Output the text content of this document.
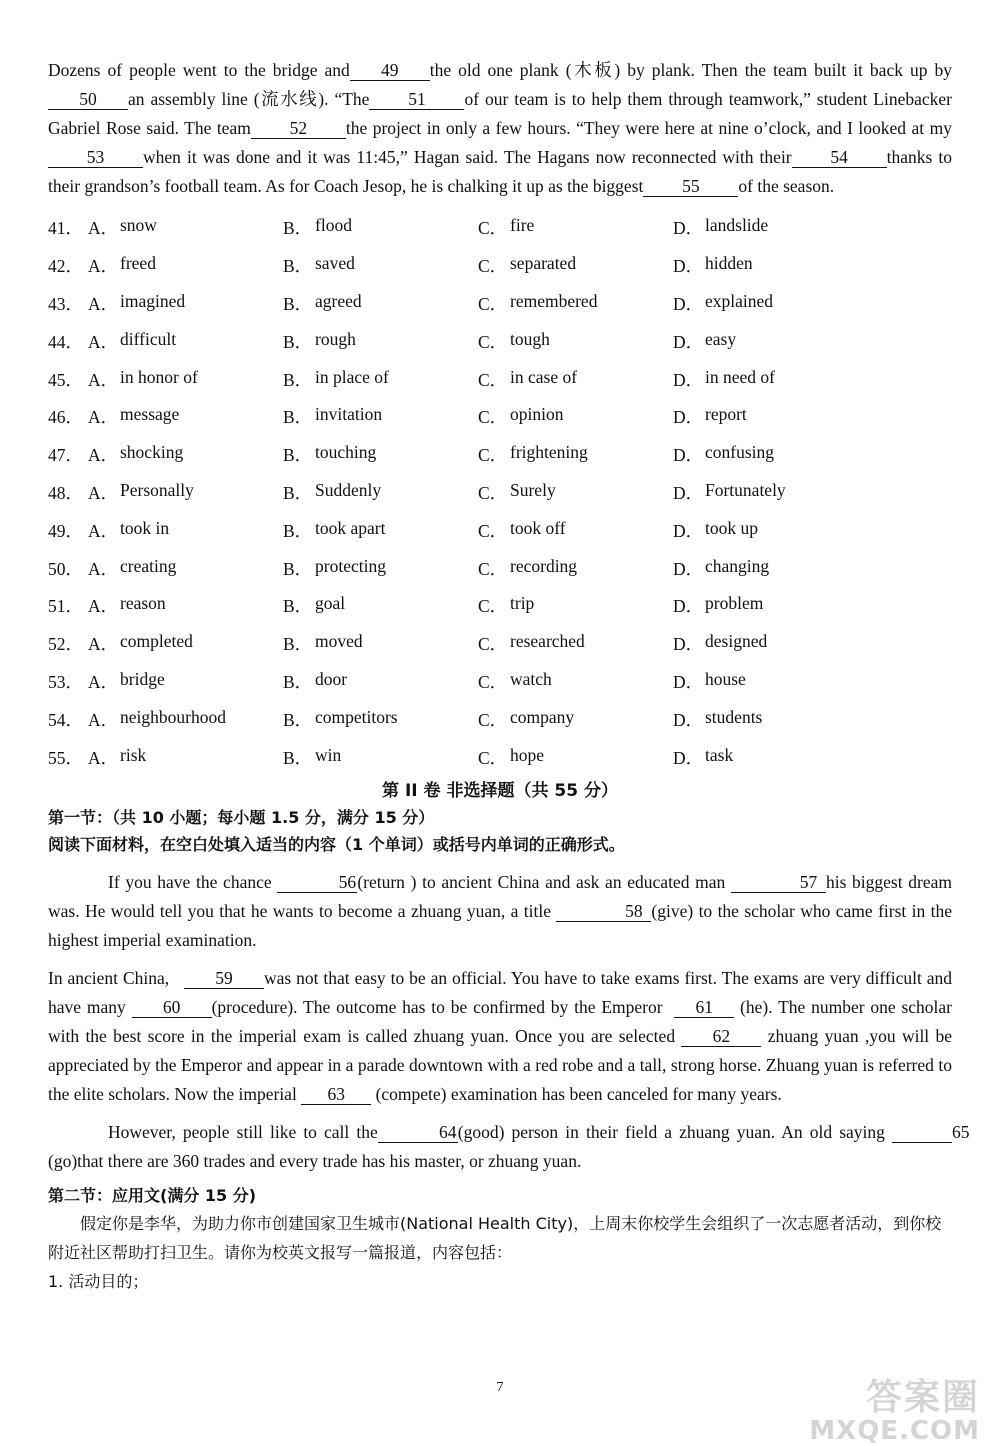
Dozens of people went to the bridge and 49 the old one plank (木板) by plank. Then the team built it back up by50 an assembly line (流水线). “The 51 of our team is to help them through teamwork,” student Linebacker Gabriel Rose said. The team 52 the project in only a few hours. “They were here at nine o’clock, and I looked at my53 when it was done and it was 11:45,” Hagan said. The Hagans now reconnected with their 54 thanks to their grandson’s football team. As for Coach Jesop, he is chalking it up as the biggest 55 of the season.

41． A． snow	B． flood	C． fire	D． landslide
42． A． freed	B． saved	C． separated	D． hidden
43． A． imagined	B． agreed	C． remembered	D． explained
44． A． difficult	B． rough	C． tough	D． easy
45． A． in honor of	B． in place of	C． in case of	D． in need of
46． A． message	B． invitation	C． opinion	D． report
47． A． shocking	B． touching	C． frightening	D． confusing
48． A． Personally	B． Suddenly	C． Surely	D． Fortunately
49． A． took in	B． took apart	C． took off	D． took up
50． A． creating	B． protecting	C． recording	D． changing
51． A． reason	B． goal	C． trip	D． problem
52． A． completed	B． moved	C． researched	D． designed
53． A． bridge	B． door	C． watch	D． house
54． A． neighbourhood	B． competitors	C． company	D． students
55． A． risk	B． win	C． hope	D． task
第 II 卷 非选择题（共 55 分）
第一节：（共 10 小题；每小题 1.5 分，满分 15 分）
阅读下面材料，在空白处填入适当的内容（1 个单词）或括号内单词的正确形式。

If you have the chance	56(return ) to ancient China and ask an educated man	57 his biggest dream was. He would tell you that he wants to become a zhuang yuan, a title	58 (give) to the scholar who came first in the highest imperial examination.

In ancient China,	59 was not that easy to be an official. You have to take exams first. The exams are very difficult and have many 60 (procedure). The outcome has to be confirmed by the Emperor 61 (he). The number one scholar with the best score in the imperial exam is called zhuang yuan. Once you are selected 62 zhuang yuan ,you will be appreciated by the Emperor and appear in a parade downtown with a red robe and a tall, strong horse. Zhuang yuan is referred to the elite scholars. Now the imperial 63 (compete) examination has been canceled for many years.

However, people still like to call the	64(good) person in their field a zhuang yuan. An old saying	65(go)that there are 360 trades and every trade has his master, or zhuang yuan.

第二节：应用文(满分 15 分)

假定你是李华，为助力你市创建国家卫生城市(National Health City)，上周末你校学生会组织了一次志愿者活动，到你校附近社区帮助打扫卫生。请你为校英文报写一篇报道，内容包括：

1. 活动目的；
7	答案圈
MXQE.COM
